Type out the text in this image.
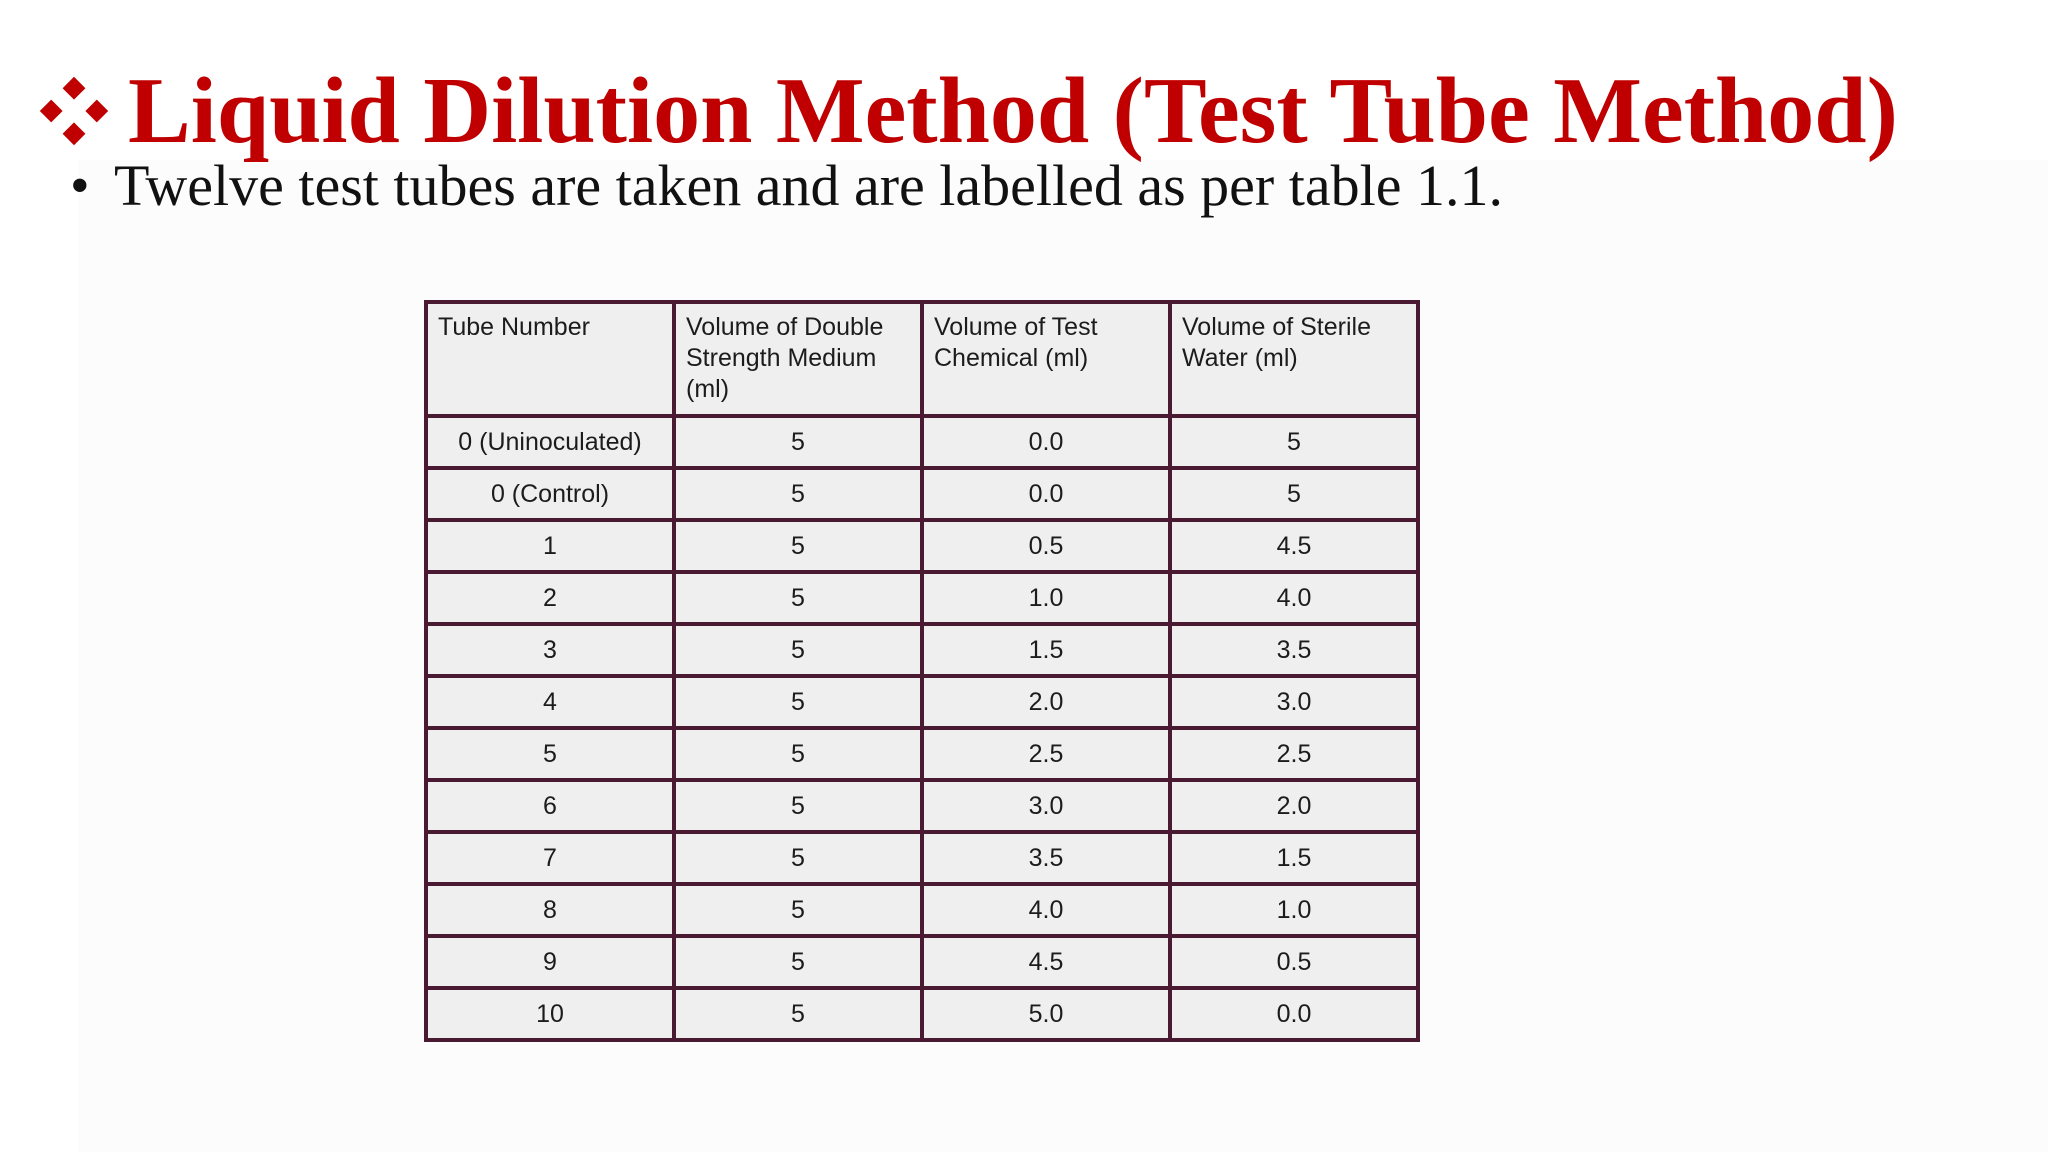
Liquid Dilution Method (Test Tube Method)
• Twelve test tubes are taken and are labelled as per table 1.1.
Tube Number	Volume of Double Strength Medium (ml)	Volume of Test Chemical (ml)	Volume of Sterile Water (ml)
0 (Uninoculated)	5	0.0	5
0 (Control)	5	0.0	5
1	5	0.5	4.5
2	5	1.0	4.0
3	5	1.5	3.5
4	5	2.0	3.0
5	5	2.5	2.5
6	5	3.0	2.0
7	5	3.5	1.5
8	5	4.0	1.0
9	5	4.5	0.5
10	5	5.0	0.0
